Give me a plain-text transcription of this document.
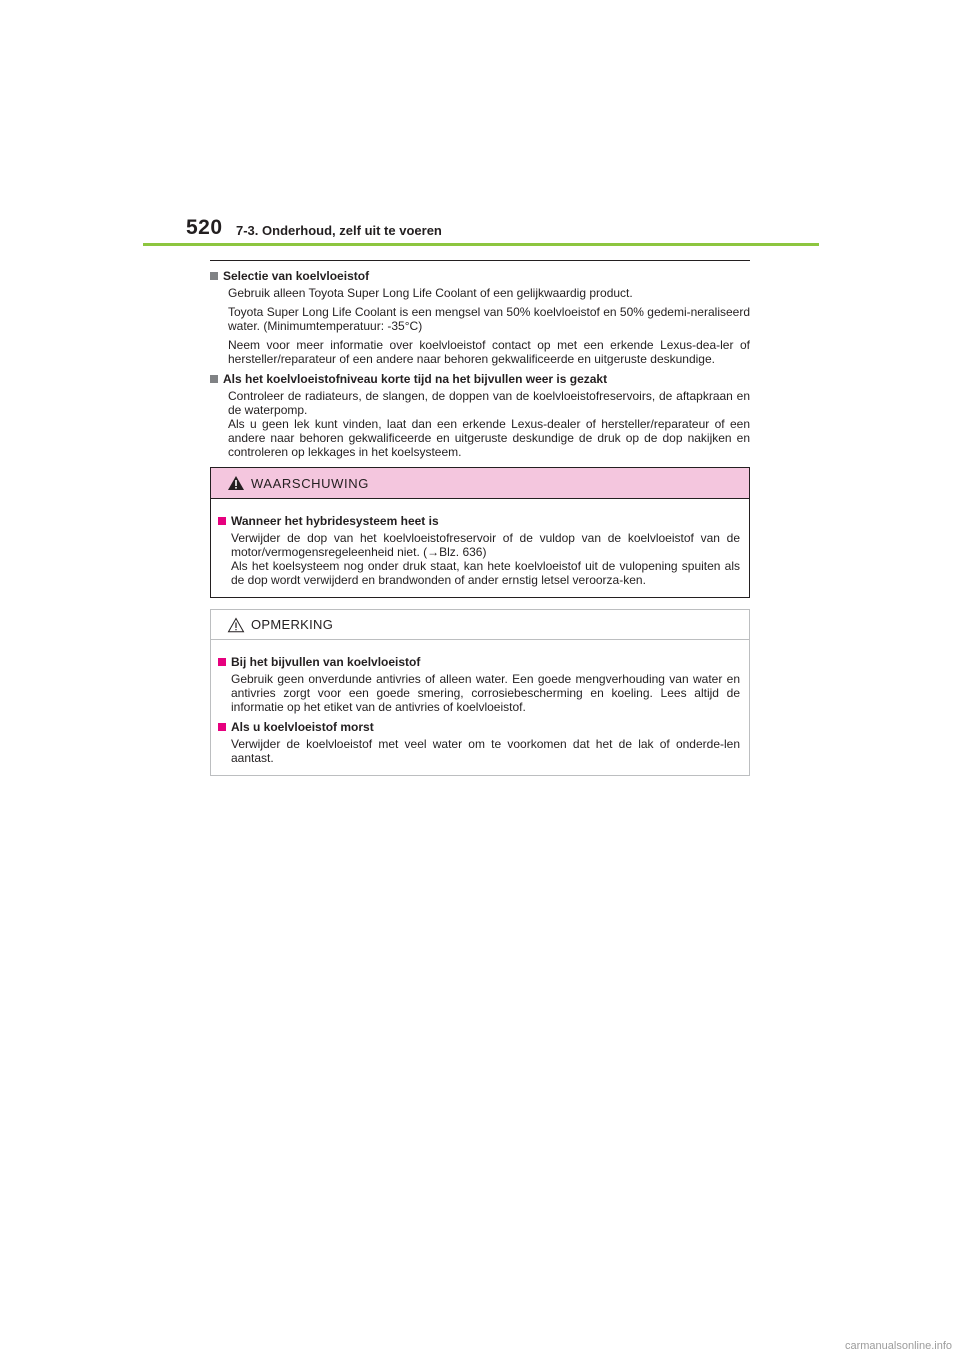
520 7-3. Onderhoud, zelf uit te voeren
Selectie van koelvloeistof

Gebruik alleen Toyota Super Long Life Coolant of een gelijkwaardig product.

Toyota Super Long Life Coolant is een mengsel van 50% koelvloeistof en 50% gedemi-neraliseerd water. (Minimumtemperatuur: -35°C)

Neem voor meer informatie over koelvloeistof contact op met een erkende Lexus-dea-ler of hersteller/reparateur of een andere naar behoren gekwalificeerde en uitgeruste deskundige.

Als het koelvloeistofniveau korte tijd na het bijvullen weer is gezakt

Controleer de radiateurs, de slangen, de doppen van de koelvloeistofreservoirs, de aftapkraan en de waterpomp.

Als u geen lek kunt vinden, laat dan een erkende Lexus-dealer of hersteller/reparateur of een andere naar behoren gekwalificeerde en uitgeruste deskundige de druk op de dop nakijken en controleren op lekkages in het koelsysteem.

WAARSCHUWING
Wanneer het hybridesysteem heet is

Verwijder de dop van het koelvloeistofreservoir of de vuldop van de koelvloeistof van de motor/vermogensregeleenheid niet. (→Blz. 636)

Als het koelsysteem nog onder druk staat, kan hete koelvloeistof uit de vulopening spuiten als de dop wordt verwijderd en brandwonden of ander ernstig letsel veroorza-ken.

OPMERKING
Bij het bijvullen van koelvloeistof

Gebruik geen onverdunde antivries of alleen water. Een goede mengverhouding van water en antivries zorgt voor een goede smering, corrosiebescherming en koeling. Lees altijd de informatie op het etiket van de antivries of koelvloeistof.

Als u koelvloeistof morst

Verwijder de koelvloeistof met veel water om te voorkomen dat het de lak of onderde-len aantast.

carmanualsonline.info
